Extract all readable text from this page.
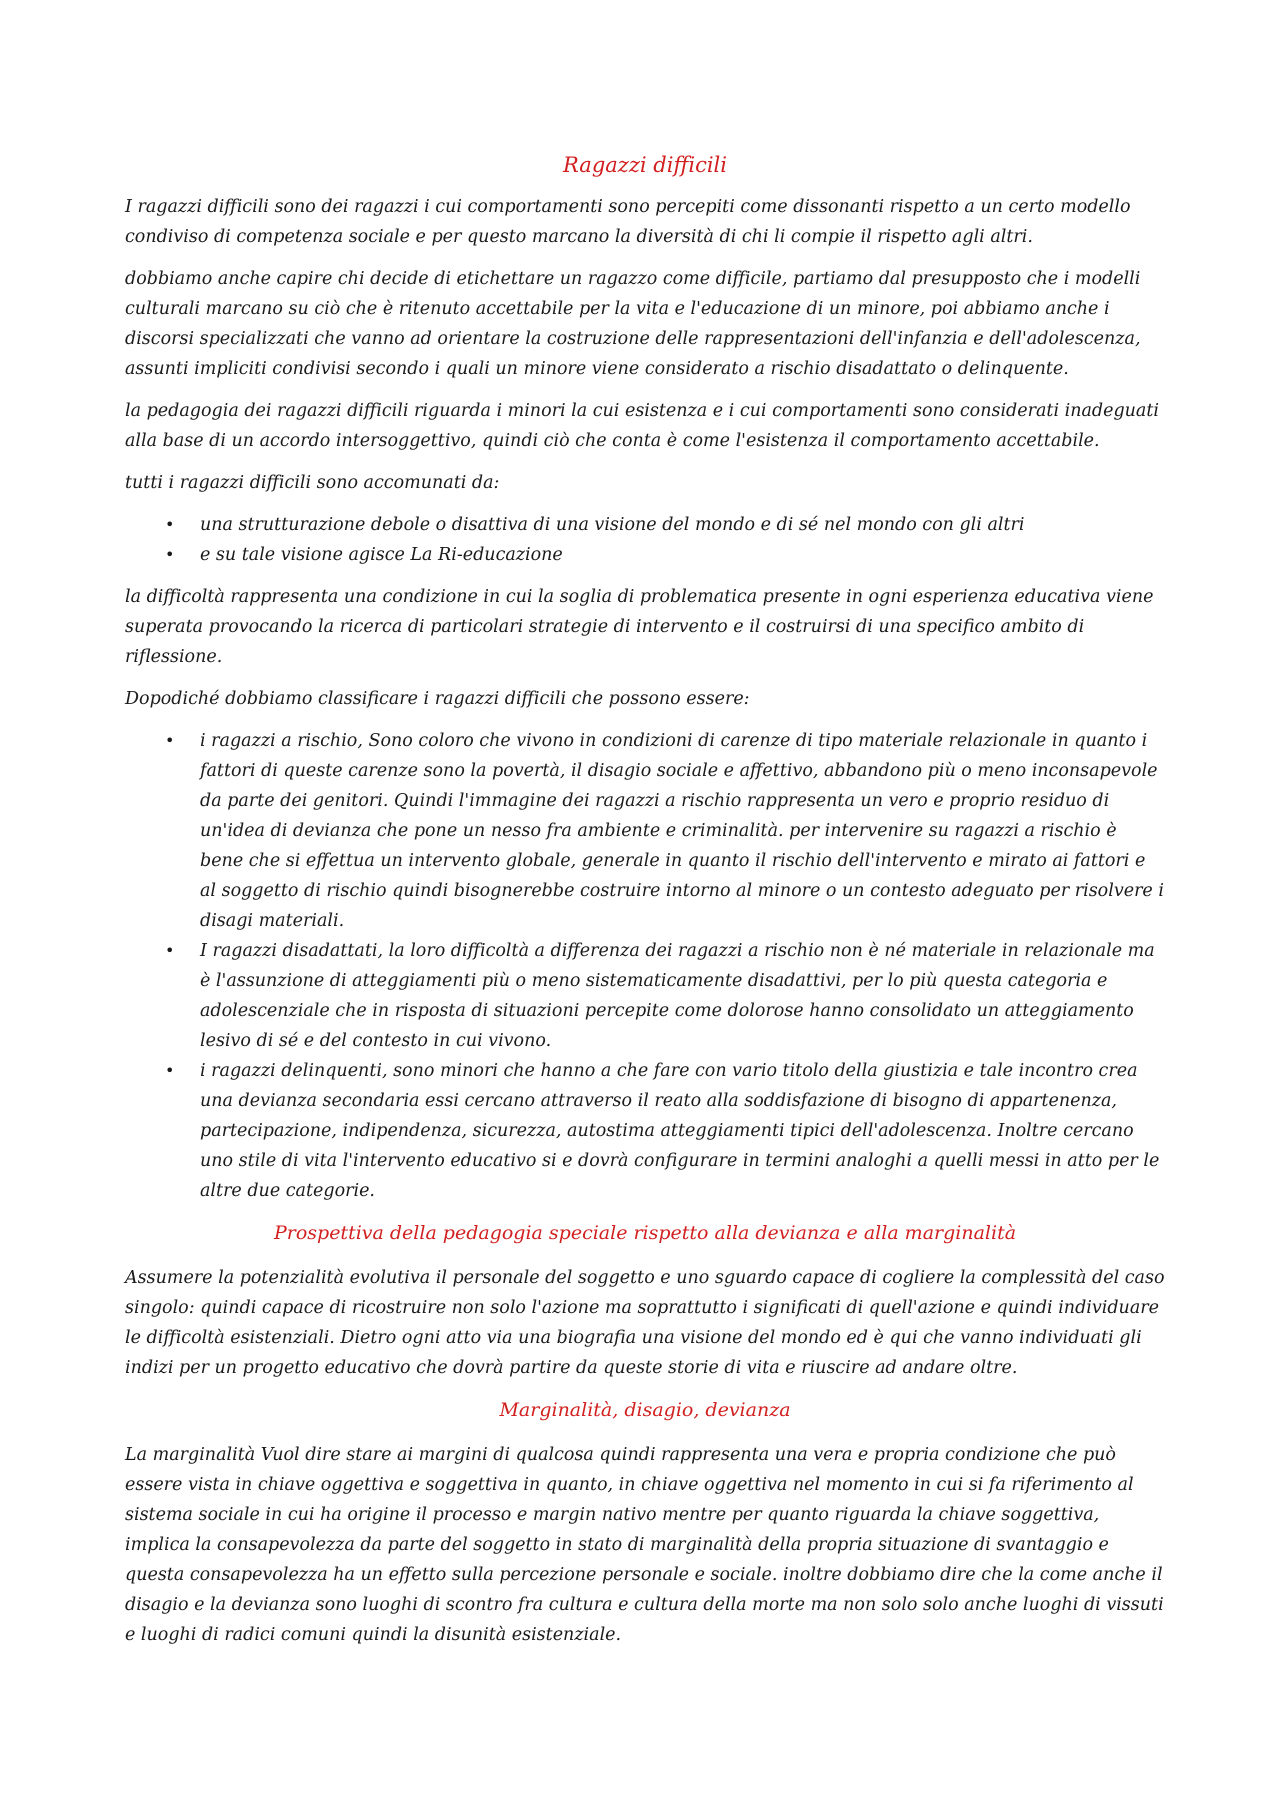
Ragazzi difficili

I ragazzi difficili sono dei ragazzi i cui comportamenti sono percepiti come dissonanti rispetto a un certo modello condiviso di competenza sociale e per questo marcano la diversità di chi li compie il rispetto agli altri.

dobbiamo anche capire chi decide di etichettare un ragazzo come difficile, partiamo dal presupposto che i modelli culturali marcano su ciò che è ritenuto accettabile per la vita e l'educazione di un minore, poi abbiamo anche i discorsi specializzati che vanno ad orientare la costruzione delle rappresentazioni dell'infanzia e dell'adolescenza, assunti impliciti condivisi secondo i quali un minore viene considerato a rischio disadattato o delinquente.

la pedagogia dei ragazzi difficili riguarda i minori la cui esistenza e i cui comportamenti sono considerati inadeguati alla base di un accordo intersoggettivo, quindi ciò che conta è come l'esistenza il comportamento accettabile.

tutti i ragazzi difficili sono accomunati da:

• una strutturazione debole o disattiva di una visione del mondo e di sé nel mondo con gli altri
• e su tale visione agisce La Ri-educazione

la difficoltà rappresenta una condizione in cui la soglia di problematica presente in ogni esperienza educativa viene superata provocando la ricerca di particolari strategie di intervento e il costruirsi di una specifico ambito di riflessione.

Dopodiché dobbiamo classificare i ragazzi difficili che possono essere:

• i ragazzi a rischio, Sono coloro che vivono in condizioni di carenze di tipo materiale relazionale in quanto i fattori di queste carenze sono la povertà, il disagio sociale e affettivo, abbandono più o meno inconsapevole da parte dei genitori. Quindi l'immagine dei ragazzi a rischio rappresenta un vero e proprio residuo di un'idea di devianza che pone un nesso fra ambiente e criminalità. per intervenire su ragazzi a rischio è bene che si effettua un intervento globale, generale in quanto il rischio dell'intervento e mirato ai fattori e al soggetto di rischio quindi bisognerebbe costruire intorno al minore o un contesto adeguato per risolvere i disagi materiali.
• I ragazzi disadattati, la loro difficoltà a differenza dei ragazzi a rischio non è né materiale in relazionale ma è l'assunzione di atteggiamenti più o meno sistematicamente disadattivi, per lo più questa categoria e adolescenziale che in risposta di situazioni percepite come dolorose hanno consolidato un atteggiamento lesivo di sé e del contesto in cui vivono.
• i ragazzi delinquenti, sono minori che hanno a che fare con vario titolo della giustizia e tale incontro crea una devianza secondaria essi cercano attraverso il reato alla soddisfazione di bisogno di appartenenza, partecipazione, indipendenza, sicurezza, autostima atteggiamenti tipici dell'adolescenza. Inoltre cercano uno stile di vita l'intervento educativo si e dovrà configurare in termini analoghi a quelli messi in atto per le altre due categorie.
Prospettiva della pedagogia speciale rispetto alla devianza e alla marginalità

Assumere la potenzialità evolutiva il personale del soggetto e uno sguardo capace di cogliere la complessità del caso singolo: quindi capace di ricostruire non solo l'azione ma soprattutto i significati di quell'azione e quindi individuare le difficoltà esistenziali. Dietro ogni atto via una biografia una visione del mondo ed è qui che vanno individuati gli indizi per un progetto educativo che dovrà partire da queste storie di vita e riuscire ad andare oltre.

Marginalità, disagio, devianza

La marginalità Vuol dire stare ai margini di qualcosa quindi rappresenta una vera e propria condizione che può essere vista in chiave oggettiva e soggettiva in quanto, in chiave oggettiva nel momento in cui si fa riferimento al sistema sociale in cui ha origine il processo e margin nativo mentre per quanto riguarda la chiave soggettiva, implica la consapevolezza da parte del soggetto in stato di marginalità della propria situazione di svantaggio e questa consapevolezza ha un effetto sulla percezione personale e sociale. inoltre dobbiamo dire che la come anche il disagio e la devianza sono luoghi di scontro fra cultura e cultura della morte ma non solo solo anche luoghi di vissuti e luoghi di radici comuni quindi la disunità esistenziale.
